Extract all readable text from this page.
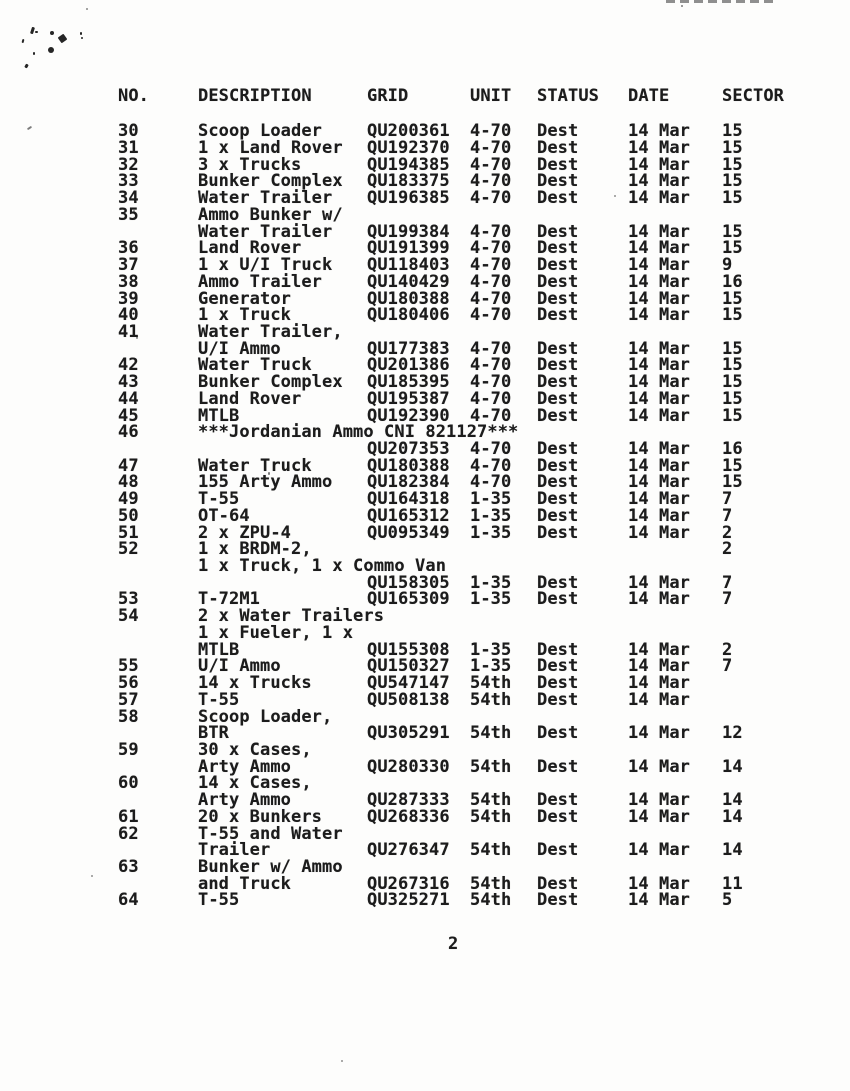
NO.	DESCRIPTION	GRID	UNIT STATUS DATE	SECTOR
30	Scoop Loader	QU200361 4-70 Dest	14 Mar 15
31	1 x Land Rover QU192370 4-70 Dest	14 Mar 15
32	3 x Trucks	QU194385 4-70 Dest	14 Mar 15
33	Bunker Complex QU183375 4-70 Dest	14 Mar 15
34	Water Trailer QU196385 4-70 Dest	14 Mar 15
35	Ammo Bunker w/
Water Trailer QU199384 4-70 Dest	14 Mar 15
36	Land Rover	QU191399 4-70 Dest	14 Mar 15
37	1 x U/I Truck QU118403 4-70 Dest	14 Mar 9
38	Ammo Trailer	QU140429 4-70 Dest	14 Mar 16
39	Generator	QU180388 4-70 Dest	14 Mar 15
40	1 x Truck	QU180406 4-70 Dest	14 Mar 15
41	Water Trailer,
U/I Ammo	QU177383 4-70 Dest	14 Mar 15
42	Water Truck	QU201386 4-70 Dest	14 Mar 15
43	Bunker Complex QU185395 4-70 Dest	14 Mar 15
44	Land Rover	QU195387 4-70 Dest	14 Mar 15
45	MTLB	QU192390 4-70 Dest	14 Mar 15
46	***Jordanian Ammo CNI 821127***
QU207353 4-70 Dest	14 Mar 16
47	Water Truck	QU180388 4-70 Dest	14 Mar 15
48	155 Arty Ammo QU182384 4-70 Dest	14 Mar 15
49	T-55	QU164318 1-35 Dest	14 Mar 7
50	OT-64	QU165312 1-35 Dest	14 Mar 7
51	2 x ZPU-4	QU095349 1-35 Dest	14 Mar 2
52	1 x BRDM-2,	2
1 x Truck, 1 x Commo Van
QU158305 1-35 Dest	14 Mar 7
53	T-72M1	QU165309 1-35 Dest	14 Mar 7
54	2 x Water Trailers
1 x Fueler, 1 x
MTLB	QU155308 1-35 Dest	14 Mar 2
55	U/I Ammo	QU150327 1-35 Dest	14 Mar 7
56	14 x Trucks	QU547147 54th Dest	14 Mar
57	T-55	QU508138 54th Dest	14 Mar
58	Scoop Loader,
BTR	QU305291 54th Dest	14 Mar 12
59	30 x Cases,
Arty Ammo	QU280330 54th Dest	14 Mar 14
60	14 x Cases,
Arty Ammo	QU287333 54th Dest	14 Mar 14
61	20 x Bunkers	QU268336 54th Dest	14 Mar 14
62	T-55 and Water
Trailer	QU276347 54th Dest	14 Mar 14
63	Bunker w/ Ammo
and Truck	QU267316 54th Dest	14 Mar 11
64	T-55	QU325271 54th Dest	14 Mar 5
2
